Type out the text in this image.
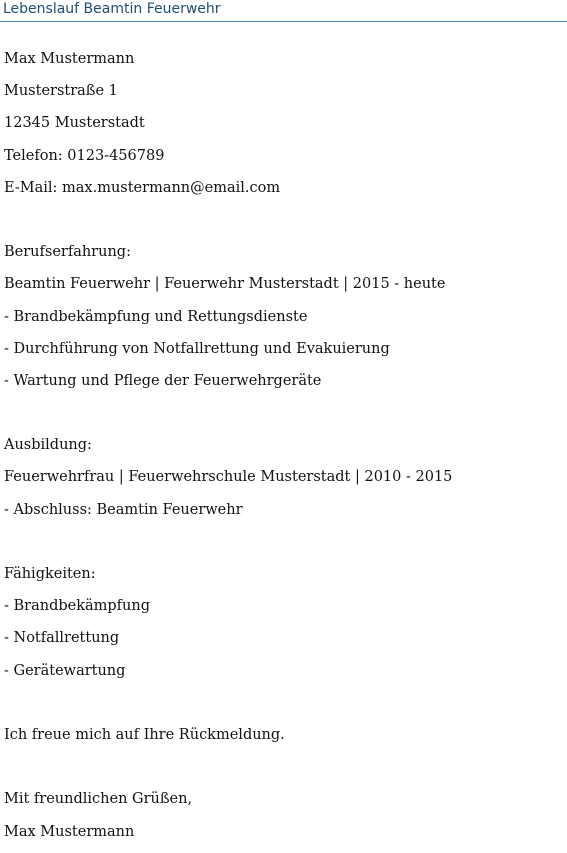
Lebenslauf Beamtin Feuerwehr
Max Mustermann
Musterstraße 1
12345 Musterstadt
Telefon: 0123-456789
E-Mail: max.mustermann@email.com
Berufserfahrung:
Beamtin Feuerwehr | Feuerwehr Musterstadt | 2015 - heute
- Brandbekämpfung und Rettungsdienste
- Durchführung von Notfallrettung und Evakuierung
- Wartung und Pflege der Feuerwehrgeräte
Ausbildung:
Feuerwehrfrau | Feuerwehrschule Musterstadt | 2010 - 2015
- Abschluss: Beamtin Feuerwehr
Fähigkeiten:
- Brandbekämpfung
- Notfallrettung
- Gerätewartung
Ich freue mich auf Ihre Rückmeldung.
Mit freundlichen Grüßen,
Max Mustermann
